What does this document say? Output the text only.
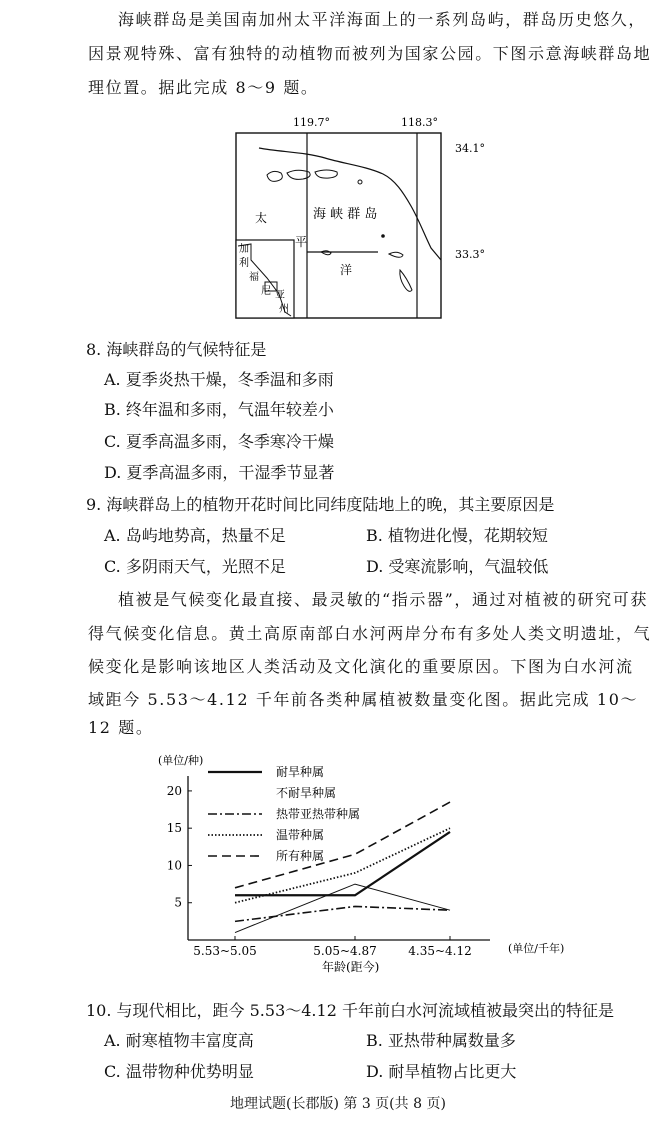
海峡群岛是美国南加州太平洋海面上的一系列岛屿，群岛历史悠久，
因景观特殊、富有独特的动植物而被列为国家公园。下图示意海峡群岛地
理位置。据此完成 8～9 题。
119.7°	118.3°
34.1°
33.3°
海 峡 群 岛
太
平
洋
加
利
福
尼 亚
州
8. 海峡群岛的气候特征是
A. 夏季炎热干燥，冬季温和多雨
B. 终年温和多雨，气温年较差小
C. 夏季高温多雨，冬季寒冷干燥
D. 夏季高温多雨，干湿季节显著
9. 海峡群岛上的植物开花时间比同纬度陆地上的晚，其主要原因是
A. 岛屿地势高，热量不足	B. 植物进化慢，花期较短
C. 多阴雨天气，光照不足	D. 受寒流影响，气温较低
植被是气候变化最直接、最灵敏的“指示器”，通过对植被的研究可获
得气候变化信息。黄土高原南部白水河两岸分布有多处人类文明遗址，气
候变化是影响该地区人类活动及文化演化的重要原因。下图为白水河流
域距今 5.53～4.12 千年前各类种属植被数量变化图。据此完成 10～
12 题。
5
10
15
20
5.53~5.05	5.05~4.87	4.35~4.12
耐旱种属
不耐旱种属
热带亚热带种属
温带种属
所有种属
(单位/种)
(单位/千年)
年龄(距今)
10. 与现代相比，距今 5.53～4.12 千年前白水河流域植被最突出的特征是
A. 耐寒植物丰富度高	B. 亚热带种属数量多
C. 温带物种优势明显	D. 耐旱植物占比更大
地理试题(长郡版) 第 3 页(共 8 页)
